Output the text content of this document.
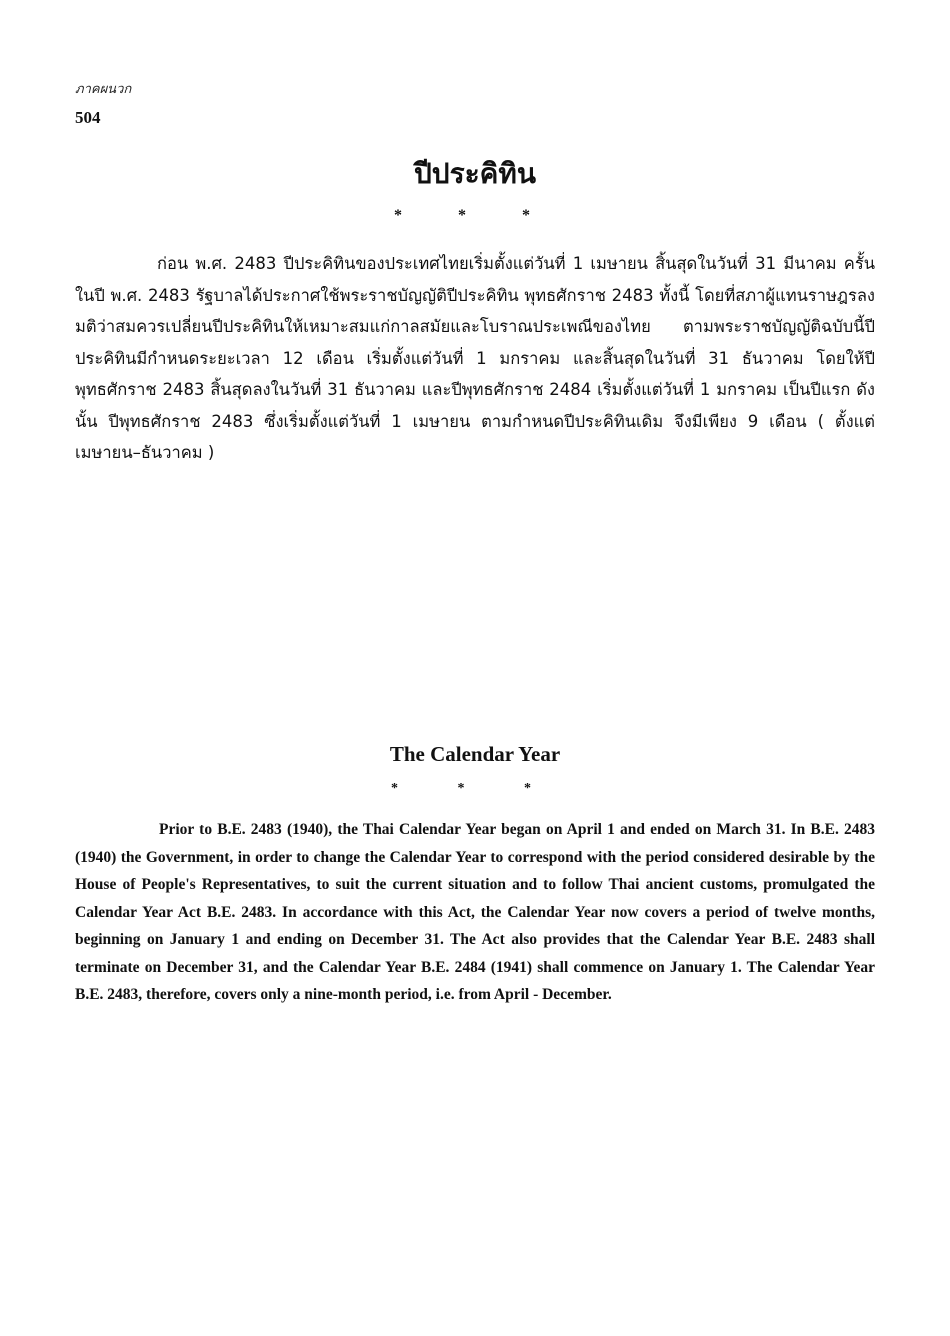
ภาคผนวก
504
ปีประคิทิน
* * *

ก่อน พ.ศ. 2483 ปีประคิทินของประเทศไทยเริ่มตั้งแต่วันที่ 1 เมษายน สิ้นสุดในวันที่ 31 มีนาคม ครั้นในปี พ.ศ. 2483 รัฐบาลได้ประกาศใช้พระราชบัญญัติปีประคิทิน พุทธศักราช 2483 ทั้งนี้ โดยที่สภาผู้แทนราษฎรลงมติว่าสมควรเปลี่ยนปีประคิทินให้เหมาะสมแก่กาลสมัยและโบราณประเพณีของไทย ตามพระราชบัญญัติฉบับนี้ปีประคิทินมีกำหนดระยะเวลา 12 เดือน เริ่มตั้งแต่วันที่ 1 มกราคม และสิ้นสุดในวันที่ 31 ธันวาคม โดยให้ปีพุทธศักราช 2483 สิ้นสุดลงในวันที่ 31 ธันวาคม และปีพุทธศักราช 2484 เริ่มตั้งแต่วันที่ 1 มกราคม เป็นปีแรก ดังนั้น ปีพุทธศักราช 2483 ซึ่งเริ่มตั้งแต่วันที่ 1 เมษายน ตามกำหนดปีประคิทินเดิม จึงมีเพียง 9 เดือน ( ตั้งแต่ เมษายน–ธันวาคม )

The Calendar Year
* * *

Prior to B.E. 2483 (1940), the Thai Calendar Year began on April 1 and ended on March 31. In B.E. 2483 (1940) the Government, in order to change the Calendar Year to correspond with the period considered desirable by the House of People's Representatives, to suit the current situation and to follow Thai ancient customs, promulgated the Calendar Year Act B.E. 2483. In accordance with this Act, the Calendar Year now covers a period of twelve months, beginning on January 1 and ending on December 31. The Act also provides that the Calendar Year B.E. 2483 shall terminate on December 31, and the Calendar Year B.E. 2484 (1941) shall commence on January 1. The Calendar Year B.E. 2483, therefore, covers only a nine-month period, i.e. from April - December.
